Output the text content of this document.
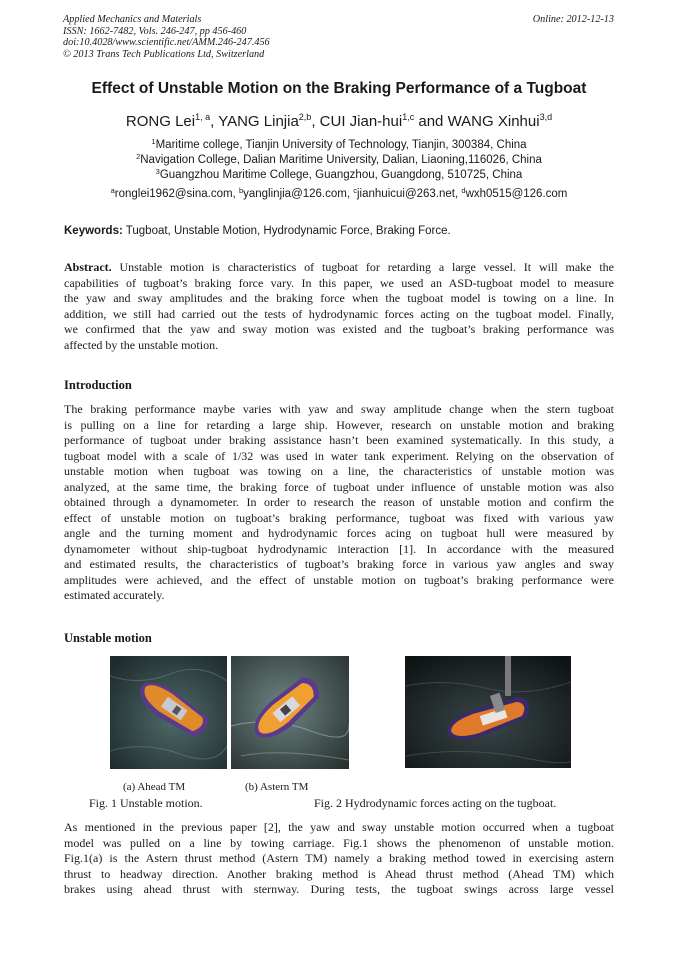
Applied Mechanics and Materials
ISSN: 1662-7482, Vols. 246-247, pp 456-460
doi:10.4028/www.scientific.net/AMM.246-247.456
© 2013 Trans Tech Publications Ltd, Switzerland
Online: 2012-12-13
Effect of Unstable Motion on the Braking Performance of a Tugboat
RONG Lei$^{1, a}$, YANG Linjia$^{2,b}$, CUI Jian-hui$^{1,c}$ and WANG Xinhui$^{3,d}$
$^1$Maritime college, Tianjin University of Technology, Tianjin, 300384, China
$^2$Navigation College, Dalian Maritime University, Dalian, Liaoning,116026, China
$^3$Guangzhou Maritime College, Guangzhou, Guangdong, 510725, China
$^a$ronglei1962@sina.com, $^b$yanglinjia@126.com, $^c$jianhuicui@263.net, $^d$wxh0515@126.com
Keywords: Tugboat, Unstable Motion, Hydrodynamic Force, Braking Force.
Abstract. Unstable motion is characteristics of tugboat for retarding a large vessel. It will make the
capabilities of tugboat’s braking force vary. In this paper, we used an ASD-tugboat model to measure
the yaw and sway amplitudes and the braking force when the tugboat model is towing on a line. In
addition, we still had carried out the tests of hydrodynamic forces acting on the tugboat model. Finally,
we confirmed that the yaw and sway motion was existed and the tugboat’s braking performance was
affected by the unstable motion.
Introduction
The braking performance maybe varies with yaw and sway amplitude change when the stern tugboat
is pulling on a line for retarding a large ship. However, research on unstable motion and braking
performance of tugboat under braking assistance hasn’t been examined systematically. In this study, a
tugboat model with a scale of 1/32 was used in water tank experiment. Relying on the observation of
unstable motion when tugboat was towing on a line, the characteristics of unstable motion was
analyzed, at the same time, the braking force of tugboat under influence of unstable motion was also
obtained through a dynamometer. In order to research the reason of unstable motion and confirm the
effect of unstable motion on tugboat’s braking performance, tugboat was fixed with various yaw
angle and the turning moment and hydrodynamic forces acing on tugboat hull were measured by
dynamometer without ship-tugboat hydrodynamic interaction [1]. In accordance with the measured
and estimated results, the characteristics of tugboat’s braking force in various yaw angles and sway
amplitudes were achieved, and the effect of unstable motion on tugboat’s braking performance were
estimated accurately.
Unstable motion
(a) Ahead TM	(b) Astern TM
Fig. 1 Unstable motion.	Fig. 2 Hydrodynamic forces acting on the tugboat.
As mentioned in the previous paper [2], the yaw and sway unstable motion occurred when a tugboat
model was pulled on a line by towing carriage. Fig.1 shows the phenomenon of unstable motion.
Fig.1(a) is the Astern thrust method (Astern TM) namely a braking method towed in exercising astern
thrust to headway direction. Another braking method is Ahead thrust method (Ahead TM) which
brakes using ahead thrust with sternway. During tests, the tugboat swings across large vessel
